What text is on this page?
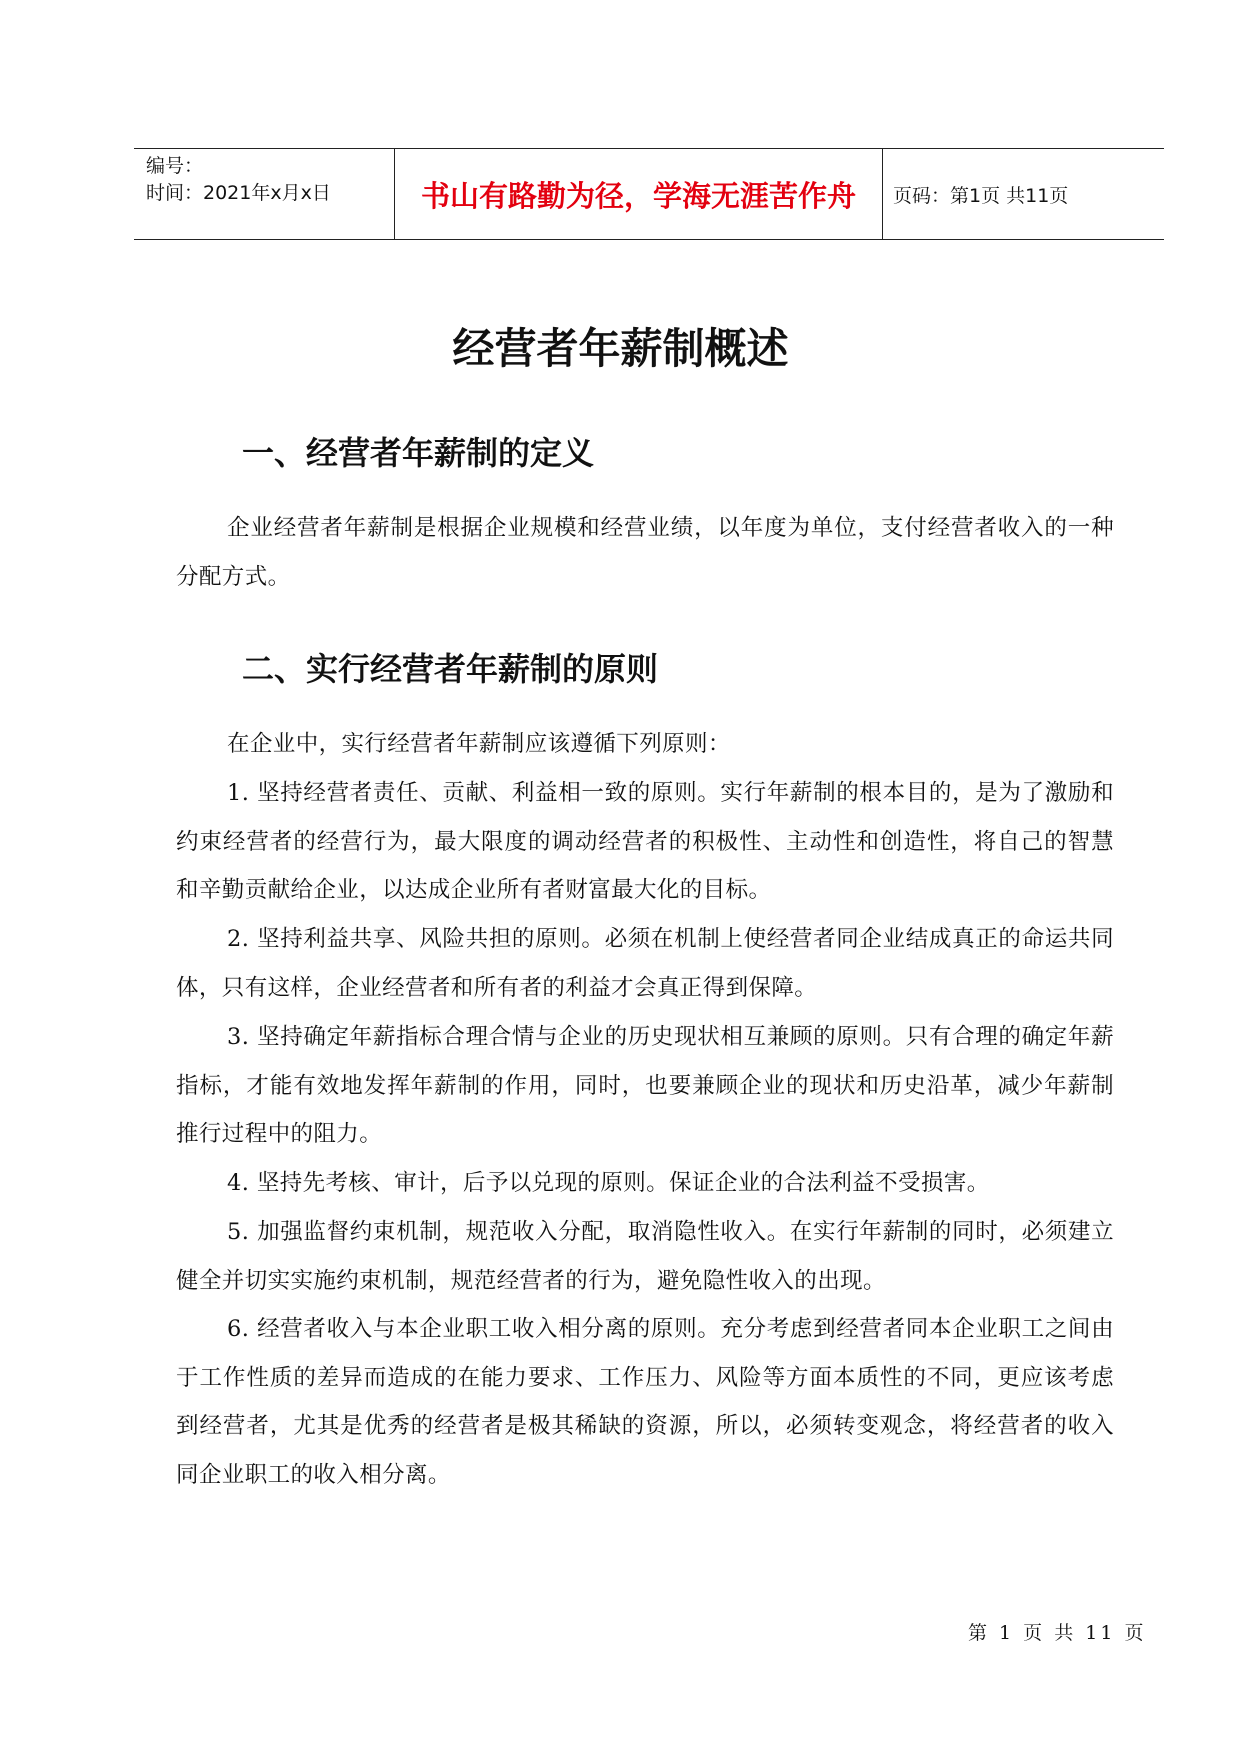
编号：
时间：2021年x月x日	书山有路勤为径，学海无涯苦作舟	页码：第1页 共11页
经营者年薪制概述
一、经营者年薪制的定义

企业经营者年薪制是根据企业规模和经营业绩，以年度为单位，支付经营者收入的一种分配方式。

二、实行经营者年薪制的原则

在企业中，实行经营者年薪制应该遵循下列原则：

1. 坚持经营者责任、贡献、利益相一致的原则。实行年薪制的根本目的，是为了激励和约束经营者的经营行为，最大限度的调动经营者的积极性、主动性和创造性，将自己的智慧和辛勤贡献给企业，以达成企业所有者财富最大化的目标。

2. 坚持利益共享、风险共担的原则。必须在机制上使经营者同企业结成真正的命运共同体，只有这样，企业经营者和所有者的利益才会真正得到保障。

3. 坚持确定年薪指标合理合情与企业的历史现状相互兼顾的原则。只有合理的确定年薪指标，才能有效地发挥年薪制的作用，同时，也要兼顾企业的现状和历史沿革，减少年薪制推行过程中的阻力。

4. 坚持先考核、审计，后予以兑现的原则。保证企业的合法利益不受损害。

5. 加强监督约束机制，规范收入分配，取消隐性收入。在实行年薪制的同时，必须建立健全并切实实施约束机制，规范经营者的行为，避免隐性收入的出现。

6. 经营者收入与本企业职工收入相分离的原则。充分考虑到经营者同本企业职工之间由于工作性质的差异而造成的在能力要求、工作压力、风险等方面本质性的不同，更应该考虑到经营者，尤其是优秀的经营者是极其稀缺的资源，所以，必须转变观念，将经营者的收入同企业职工的收入相分离。

第 1 页 共 11 页
